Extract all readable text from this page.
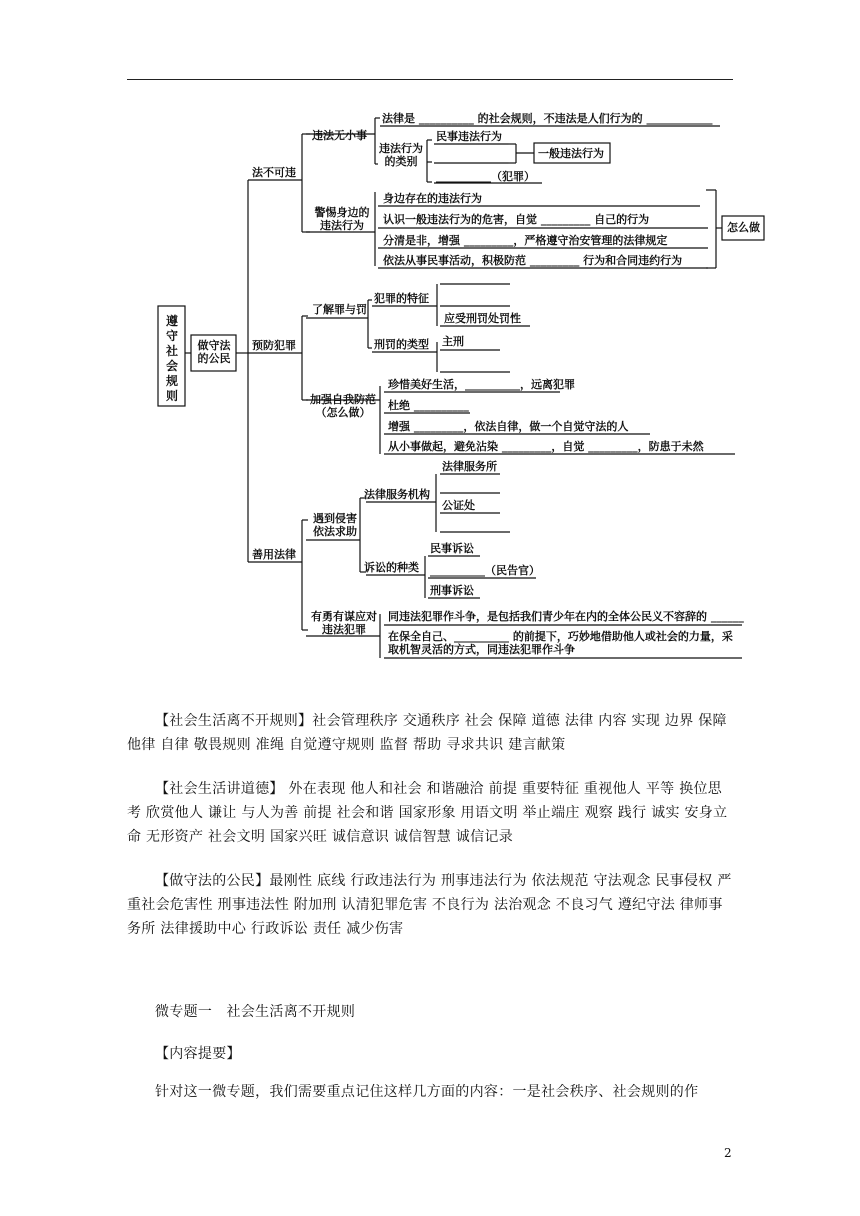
遵守社会规则
做守法的公民
法不可违
预防犯罪
善用法律
违法无小事
警惕身边的违法行为
法律是 __________ 的社会规则，不违法是人们行为的 ____________
违法行为的类别
民事违法行为
__________（犯罪）
一般违法行为
身边存在的违法行为
认识一般违法行为的危害，自觉 _________ 自己的行为
分清是非，增强 _________，严格遵守治安管理的法律规定
依法从事民事活动，积极防范 _________ 行为和合同违约行为
怎么做
了解罪与罚
加强自我防范（怎么做）
犯罪的特征
应受刑罚处罚性
刑罚的类型 主刑
珍惜美好生活，__________，远离犯罪
杜绝 __________
增强 _________，依法自律，做一个自觉守法的人
从小事做起，避免沾染 _________，自觉 _________，防患于未然
遇到侵害依法求助
有勇有谋应对违法犯罪
法律服务机构
法律服务所
公证处
诉讼的种类
民事诉讼
__________（民告官）
刑事诉讼
同违法犯罪作斗争，是包括我们青少年在内的全体公民义不容辞的 ______
在保全自己、__________ 的前提下，巧妙地借助他人或社会的力量，采取机智灵活的方式，同违法犯罪作斗争
【社会生活离不开规则】社会管理秩序 交通秩序 社会 保障 道德 法律 内容 实现 边界 保障 他律 自律 敬畏规则 准绳 自觉遵守规则 监督 帮助 寻求共识 建言献策
【社会生活讲道德】 外在表现 他人和社会 和谐融洽 前提 重要特征 重视他人 平等 换位思考 欣赏他人 谦让 与人为善 前提 社会和谐 国家形象 用语文明 举止端庄 观察 践行 诚实 安身立命 无形资产 社会文明 国家兴旺 诚信意识 诚信智慧 诚信记录
【做守法的公民】最刚性 底线 行政违法行为 刑事违法行为 依法规范 守法观念 民事侵权 严重社会危害性 刑事违法性 附加刑 认清犯罪危害 不良行为 法治观念 不良习气 遵纪守法 律师事务所 法律援助中心 行政诉讼 责任 减少伤害
微专题一　社会生活离不开规则
【内容提要】
针对这一微专题，我们需要重点记住这样几方面的内容：一是社会秩序、社会规则的作
2
